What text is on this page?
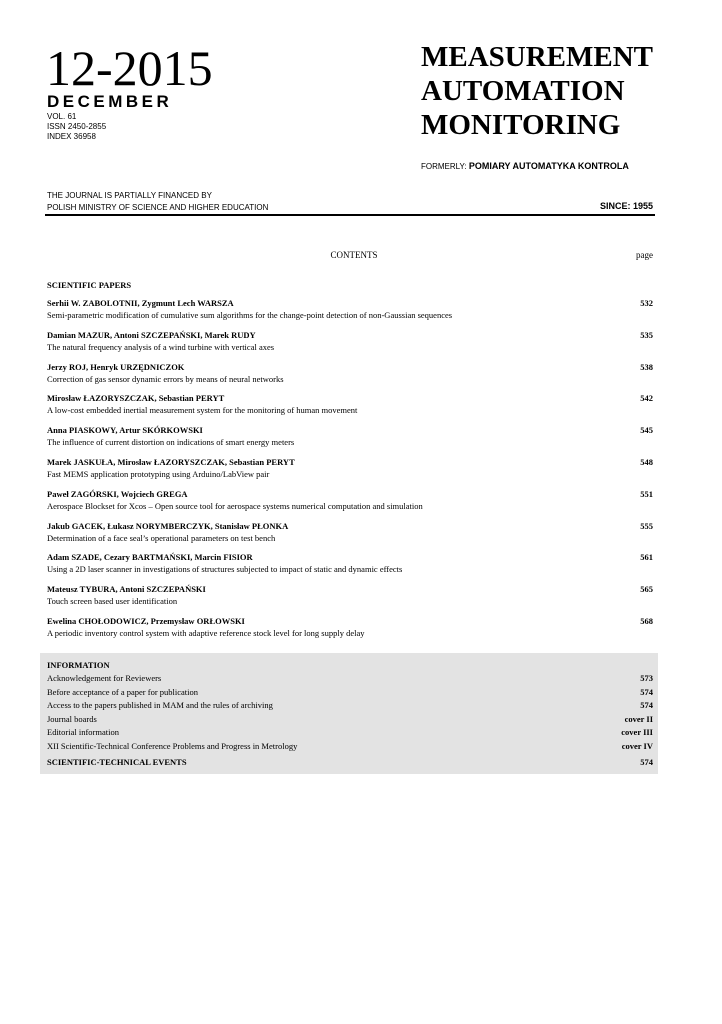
12-2015
DECEMBER
VOL. 61
ISSN 2450-2855
INDEX 36958
MEASUREMENT
AUTOMATION
MONITORING
FORMERLY: POMIARY AUTOMATYKA KONTROLA
THE JOURNAL IS PARTIALLY FINANCED BY
POLISH MINISTRY OF SCIENCE AND HIGHER EDUCATION	SINCE: 1955
CONTENTS	page
SCIENTIFIC PAPERS
Serhii W. ZABOLOTNII, Zygmunt Lech WARSZA
Semi-parametric modification of cumulative sum algorithms for the change-point detection of non-Gaussian sequences
532
Damian MAZUR, Antoni SZCZEPAŃSKI, Marek RUDY
The natural frequency analysis of a wind turbine with vertical axes
535
Jerzy ROJ, Henryk URZĘDNICZOK
Correction of gas sensor dynamic errors by means of neural networks
538
Mirosław ŁAZORYSZCZAK, Sebastian PERYT
A low-cost embedded inertial measurement system for the monitoring of human movement
542
Anna PIASKOWY, Artur SKÓRKOWSKI
The influence of current distortion on indications of smart energy meters
545
Marek JASKUŁA, Mirosław ŁAZORYSZCZAK, Sebastian PERYT
Fast MEMS application prototyping using Arduino/LabView pair
548
Paweł ZAGÓRSKI, Wojciech GREGA
Aerospace Blockset for Xcos – Open source tool for aerospace systems numerical computation and simulation
551
Jakub GACEK, Łukasz NORYMBERCZYK, Stanisław PŁONKA
Determination of a face seal’s operational parameters on test bench
555
Adam SZADE, Cezary BARTMAŃSKI, Marcin FISIOR
Using a 2D laser scanner in investigations of structures subjected to impact of static and dynamic effects
561
Mateusz TYBURA, Antoni SZCZEPAŃSKI
Touch screen based user identification
565
Ewelina CHOŁODOWICZ, Przemysław ORŁOWSKI
A periodic inventory control system with adaptive reference stock level for long supply delay
568
INFORMATION
Acknowledgement for Reviewers	573
Before acceptance of a paper for publication	574
Access to the papers published in MAM and the rules of archiving	574
Journal boards	cover II
Editorial information	cover III
XII Scientific-Technical Conference Problems and Progress in Metrology	cover IV
SCIENTIFIC-TECHNICAL EVENTS	574
